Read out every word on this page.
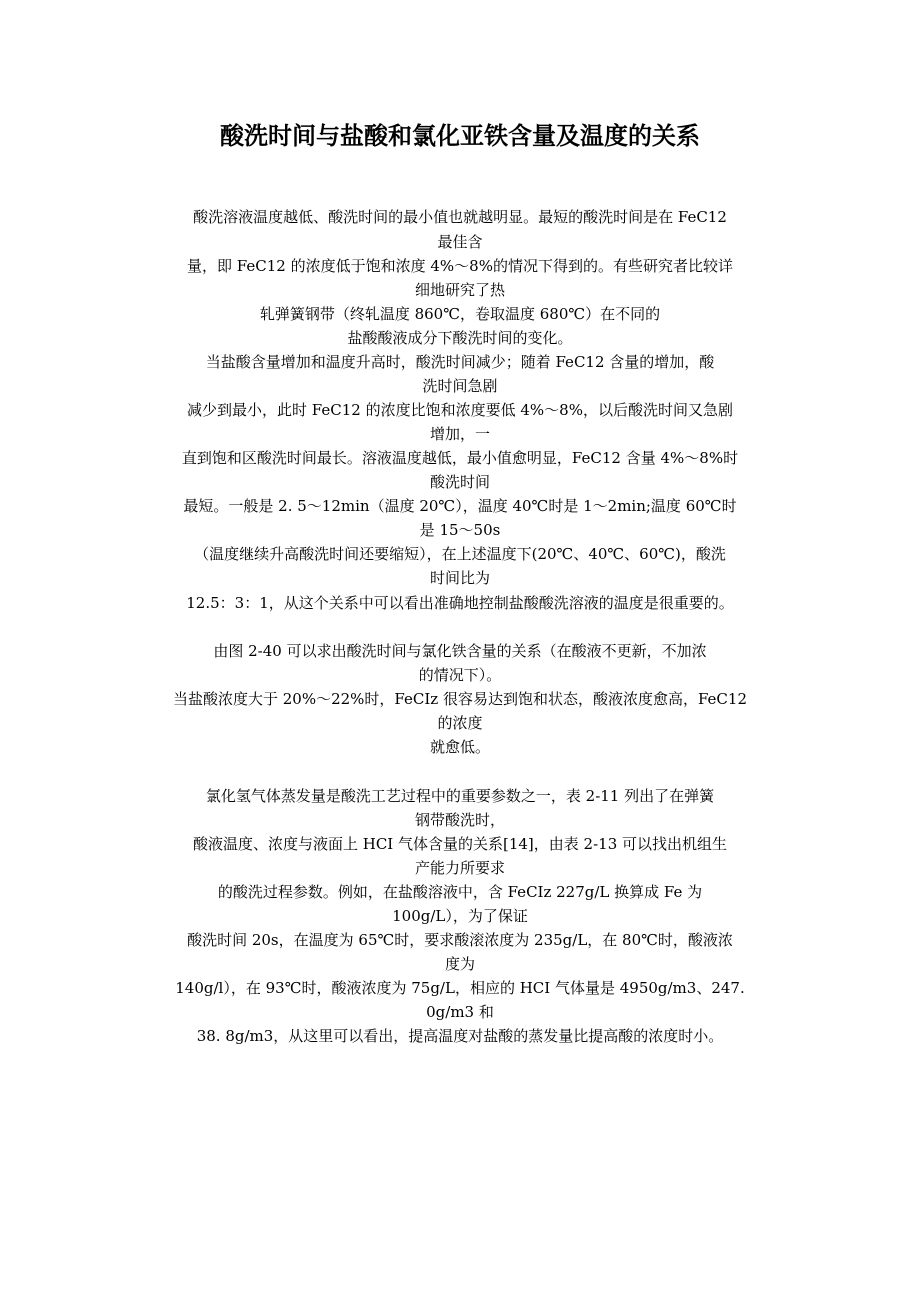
酸洗时间与盐酸和氯化亚铁含量及温度的关系

酸洗溶液温度越低、酸洗时间的最小值也就越明显。最短的酸洗时间是在 FeC12

最佳含

量，即 FeC12 的浓度低于饱和浓度 4%～8%的情况下得到的。有些研究者比较详

细地研究了热

轧弹簧钢带（终轧温度 860℃，卷取温度 680℃）在不同的

盐酸酸液成分下酸洗时间的变化。

当盐酸含量增加和温度升高时，酸洗时间减少；随着 FeC12 含量的增加，酸

洗时间急剧

减少到最小，此时 FeC12 的浓度比饱和浓度要低 4%～8%，以后酸洗时间又急剧

增加，一

直到饱和区酸洗时间最长。溶液温度越低，最小值愈明显，FeC12 含量 4%～8%时

酸洗时间

最短。一般是 2. 5～12min（温度 20℃），温度 40℃时是 1～2min;温度 60℃时

是 15～50s

（温度继续升高酸洗时间还要缩短），在上述温度下(20℃、40℃、60℃)，酸洗

时间比为

12.5：3：1，从这个关系中可以看出准确地控制盐酸酸洗溶液的温度是很重要的。

由图 2-40 可以求出酸洗时间与氯化铁含量的关系（在酸液不更新，不加浓

的情况下）。

当盐酸浓度大于 20%～22%时，FeCIz 很容易达到饱和状态，酸液浓度愈高，FeC12

的浓度

就愈低。

氯化氢气体蒸发量是酸洗工艺过程中的重要参数之一，表 2-11 列出了在弹簧

钢带酸洗时，

酸液温度、浓度与液面上 HCI 气体含量的关系[14]，由表 2-13 可以找出机组生

产能力所要求

的酸洗过程参数。例如，在盐酸溶液中，含 FeCIz 227g/L 换算成 Fe 为

100g/L），为了保证

酸洗时间 20s，在温度为 65℃时，要求酸滚浓度为 235g/L，在 80℃时，酸液浓

度为

140g/l），在 93℃时，酸液浓度为 75g/L，相应的 HCI 气体量是 4950g/m3、247.

0g/m3 和

38. 8g/m3，从这里可以看出，提高温度对盐酸的蒸发量比提高酸的浓度时小。
